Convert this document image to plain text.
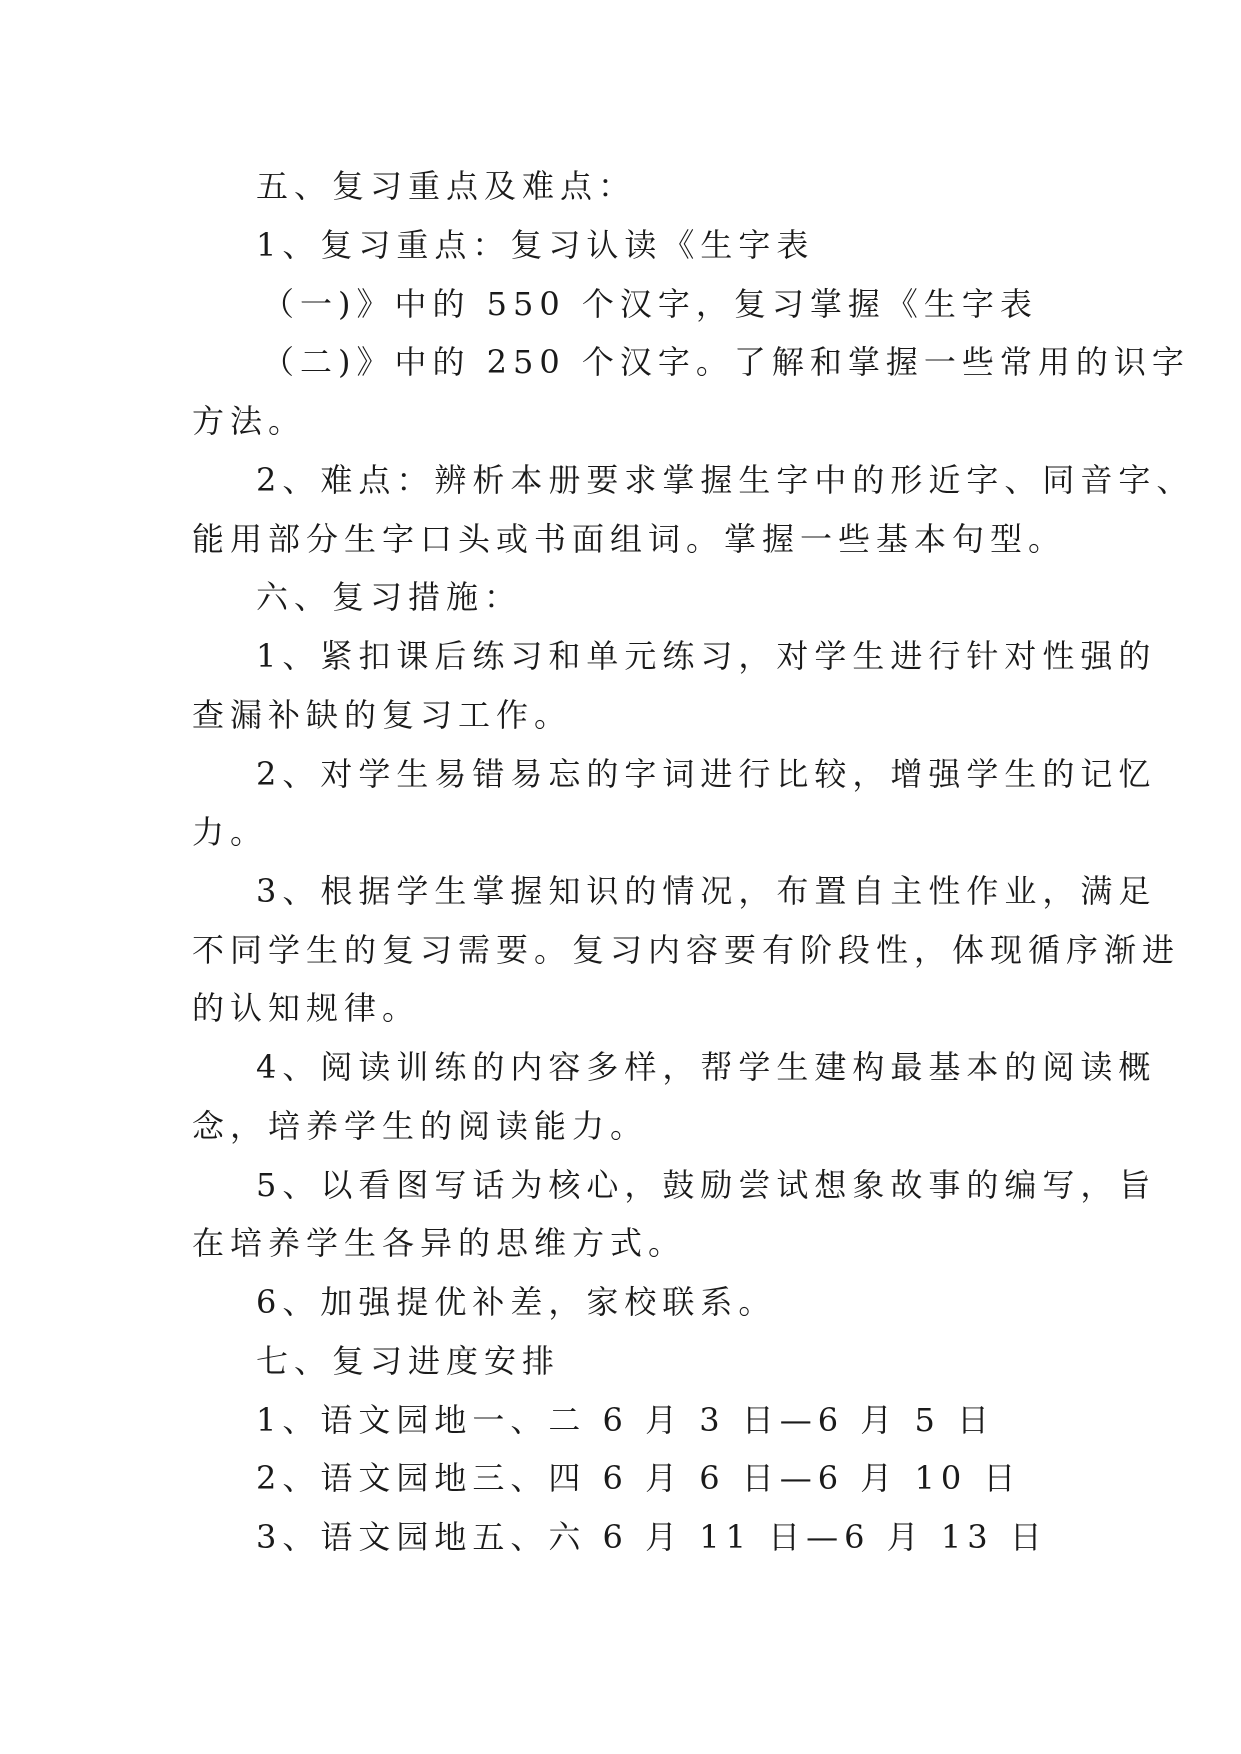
五、复习重点及难点：
1、复习重点：复习认读《生字表
（一)》中的 550 个汉字，复习掌握《生字表
（二)》中的 250 个汉字。了解和掌握一些常用的识字
方法。
2、难点：辨析本册要求掌握生字中的形近字、同音字、
能用部分生字口头或书面组词。掌握一些基本句型。
六、复习措施：
1、紧扣课后练习和单元练习，对学生进行针对性强的
查漏补缺的复习工作。
2、对学生易错易忘的字词进行比较，增强学生的记忆
力。
3、根据学生掌握知识的情况，布置自主性作业，满足
不同学生的复习需要。复习内容要有阶段性，体现循序渐进
的认知规律。
4、阅读训练的内容多样，帮学生建构最基本的阅读概
念，培养学生的阅读能力。
5、以看图写话为核心，鼓励尝试想象故事的编写，旨
在培养学生各异的思维方式。
6、加强提优补差，家校联系。
七、复习进度安排
1、语文园地一、二 6 月 3 日—6 月 5 日
2、语文园地三、四 6 月 6 日—6 月 10 日
3、语文园地五、六 6 月 11 日—6 月 13 日
